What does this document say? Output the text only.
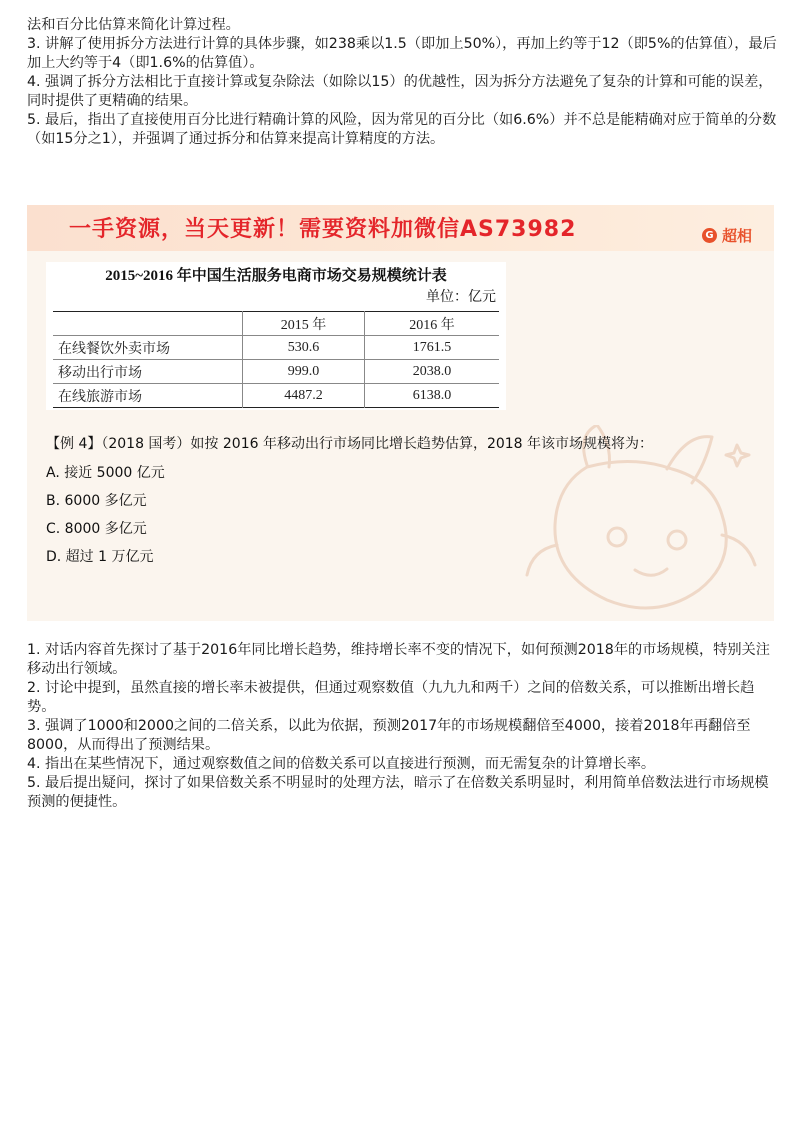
法和百分比估算来简化计算过程。

3. 讲解了使用拆分方法进行计算的具体步骤，如238乘以1.5（即加上50%），再加上约等于12（即5%的估算值），最后加上大约等于4（即1.6%的估算值）。

4. 强调了拆分方法相比于直接计算或复杂除法（如除以15）的优越性，因为拆分方法避免了复杂的计算和可能的误差，同时提供了更精确的结果。

5. 最后，指出了直接使用百分比进行精确计算的风险，因为常见的百分比（如6.6%）并不总是能精确对应于简单的分数（如15分之1），并强调了通过拆分和估算来提高计算精度的方法。

一手资源，当天更新！需要资料加微信AS73982	G 超相
2015~2016 年中国生活服务电商市场交易规模统计表
单位：亿元
	2015 年	2016 年
在线餐饮外卖市场	530.6	1761.5
移动出行市场	999.0	2038.0
在线旅游市场	4487.2	6138.0
【例 4】（2018 国考）如按 2016 年移动出行市场同比增长趋势估算，2018 年该市场规模将为：
A. 接近 5000 亿元
B. 6000 多亿元
C. 8000 多亿元
D. 超过 1 万亿元

1. 对话内容首先探讨了基于2016年同比增长趋势，维持增长率不变的情况下，如何预测2018年的市场规模，特别关注移动出行领域。

2. 讨论中提到，虽然直接的增长率未被提供，但通过观察数值（九九九和两千）之间的倍数关系，可以推断出增长趋势。

3. 强调了1000和2000之间的二倍关系，以此为依据，预测2017年的市场规模翻倍至4000，接着2018年再翻倍至8000，从而得出了预测结果。

4. 指出在某些情况下，通过观察数值之间的倍数关系可以直接进行预测，而无需复杂的计算增长率。

5. 最后提出疑问，探讨了如果倍数关系不明显时的处理方法，暗示了在倍数关系明显时，利用简单倍数法进行市场规模预测的便捷性。
